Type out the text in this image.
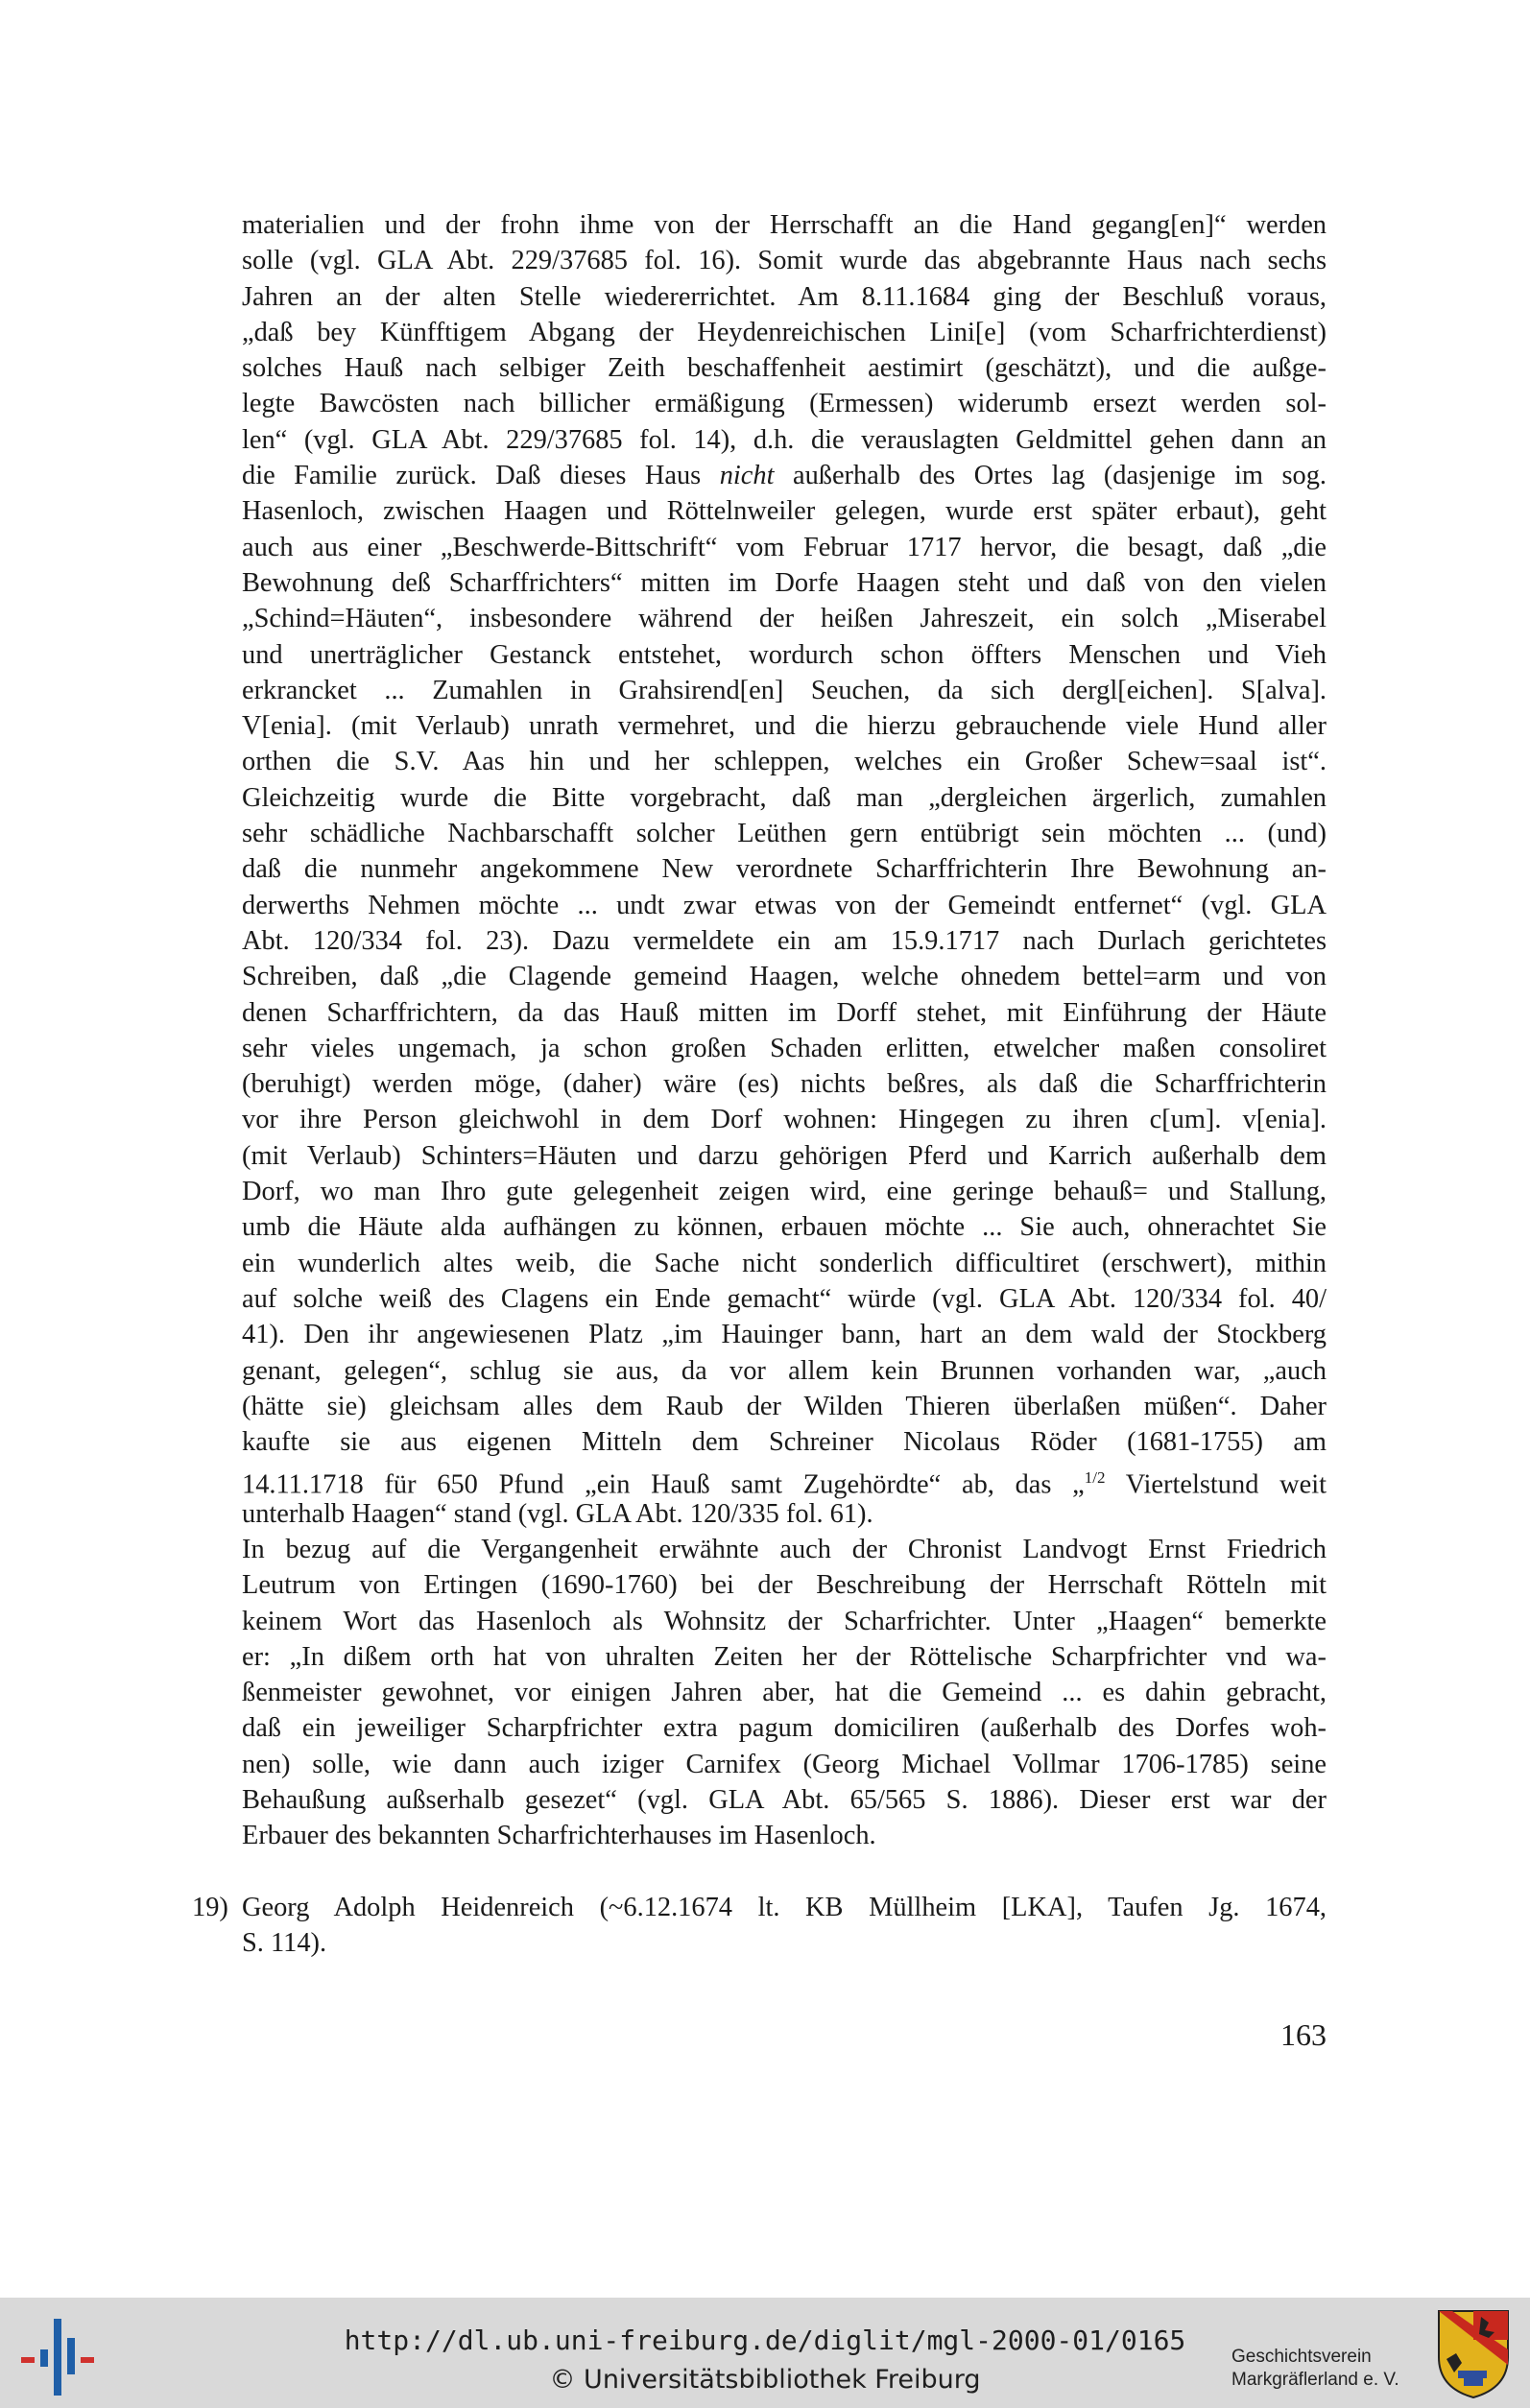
materialien und der frohn ihme von der Herrschafft an die Hand gegang[en]“ werden
solle (vgl. GLA Abt. 229/37685 fol. 16). Somit wurde das abgebrannte Haus nach sechs
Jahren an der alten Stelle wiedererrichtet. Am 8.11.1684 ging der Beschluß voraus,
„daß bey Künfftigem Abgang der Heydenreichischen Lini[e] (vom Scharfrichterdienst)
solches Hauß nach selbiger Zeith beschaffenheit aestimirt (geschätzt), und die außge-
legte Bawcösten nach billicher ermäßigung (Ermessen) widerumb ersezt werden sol-
len“ (vgl. GLA Abt. 229/37685 fol. 14), d.h. die verauslagten Geldmittel gehen dann an
die Familie zurück. Daß dieses Haus nicht außerhalb des Ortes lag (dasjenige im sog.
Hasenloch, zwischen Haagen und Röttelnweiler gelegen, wurde erst später erbaut), geht
auch aus einer „Beschwerde-Bittschrift“ vom Februar 1717 hervor, die besagt, daß „die
Bewohnung deß Scharffrichters“ mitten im Dorfe Haagen steht und daß von den vielen
„Schind=Häuten“, insbesondere während der heißen Jahreszeit, ein solch „Miserabel
und unerträglicher Gestanck entstehet, wordurch schon öffters Menschen und Vieh
erkrancket ... Zumahlen in Grahsirend[en] Seuchen, da sich dergl[eichen]. S[alva].
V[enia]. (mit Verlaub) unrath vermehret, und die hierzu gebrauchende viele Hund aller
orthen die S.V. Aas hin und her schleppen, welches ein Großer Schew=saal ist“.
Gleichzeitig wurde die Bitte vorgebracht, daß man „dergleichen ärgerlich, zumahlen
sehr schädliche Nachbarschafft solcher Leüthen gern entübrigt sein möchten ... (und)
daß die nunmehr angekommene New verordnete Scharffrichterin Ihre Bewohnung an-
derwerths Nehmen möchte ... undt zwar etwas von der Gemeindt entfernet“ (vgl. GLA
Abt. 120/334 fol. 23). Dazu vermeldete ein am 15.9.1717 nach Durlach gerichtetes
Schreiben, daß „die Clagende gemeind Haagen, welche ohnedem bettel=arm und von
denen Scharffrichtern, da das Hauß mitten im Dorff stehet, mit Einführung der Häute
sehr vieles ungemach, ja schon großen Schaden erlitten, etwelcher maßen consoliret
(beruhigt) werden möge, (daher) wäre (es) nichts beßres, als daß die Scharffrichterin
vor ihre Person gleichwohl in dem Dorf wohnen: Hingegen zu ihren c[um]. v[enia].
(mit Verlaub) Schinters=Häuten und darzu gehörigen Pferd und Karrich außerhalb dem
Dorf, wo man Ihro gute gelegenheit zeigen wird, eine geringe behauß= und Stallung,
umb die Häute alda aufhängen zu können, erbauen möchte ... Sie auch, ohnerachtet Sie
ein wunderlich altes weib, die Sache nicht sonderlich difficultiret (erschwert), mithin
auf solche weiß des Clagens ein Ende gemacht“ würde (vgl. GLA Abt. 120/334 fol. 40/
41). Den ihr angewiesenen Platz „im Hauinger bann, hart an dem wald der Stockberg
genant, gelegen“, schlug sie aus, da vor allem kein Brunnen vorhanden war, „auch
(hätte sie) gleichsam alles dem Raub der Wilden Thieren überlaßen müßen“. Daher
kaufte sie aus eigenen Mitteln dem Schreiner Nicolaus Röder (1681-1755) am
14.11.1718 für 650 Pfund „ein Hauß samt Zugehördte“ ab, das „$^{1/2}$ Viertelstund weit
unterhalb Haagen“ stand (vgl. GLA Abt. 120/335 fol. 61).
In bezug auf die Vergangenheit erwähnte auch der Chronist Landvogt Ernst Friedrich
Leutrum von Ertingen (1690-1760) bei der Beschreibung der Herrschaft Rötteln mit
keinem Wort das Hasenloch als Wohnsitz der Scharfrichter. Unter „Haagen“ bemerkte
er: „In dißem orth hat von uhralten Zeiten her der Röttelische Scharpfrichter vnd wa-
ßenmeister gewohnet, vor einigen Jahren aber, hat die Gemeind ... es dahin gebracht,
daß ein jeweiliger Scharpfrichter extra pagum domiciliren (außerhalb des Dorfes woh-
nen) solle, wie dann auch iziger Carnifex (Georg Michael Vollmar 1706-1785) seine
Behaußung außserhalb gesezet“ (vgl. GLA Abt. 65/565 S. 1886). Dieser erst war der
Erbauer des bekannten Scharfrichterhauses im Hasenloch.
19) Georg Adolph Heidenreich (~6.12.1674 lt. KB Müllheim [LKA], Taufen Jg. 1674,
S. 114).
163
http://dl.ub.uni-freiburg.de/diglit/mgl-2000-01/0165
© Universitätsbibliothek Freiburg
Geschichtsverein
Markgräflerland e. V.
